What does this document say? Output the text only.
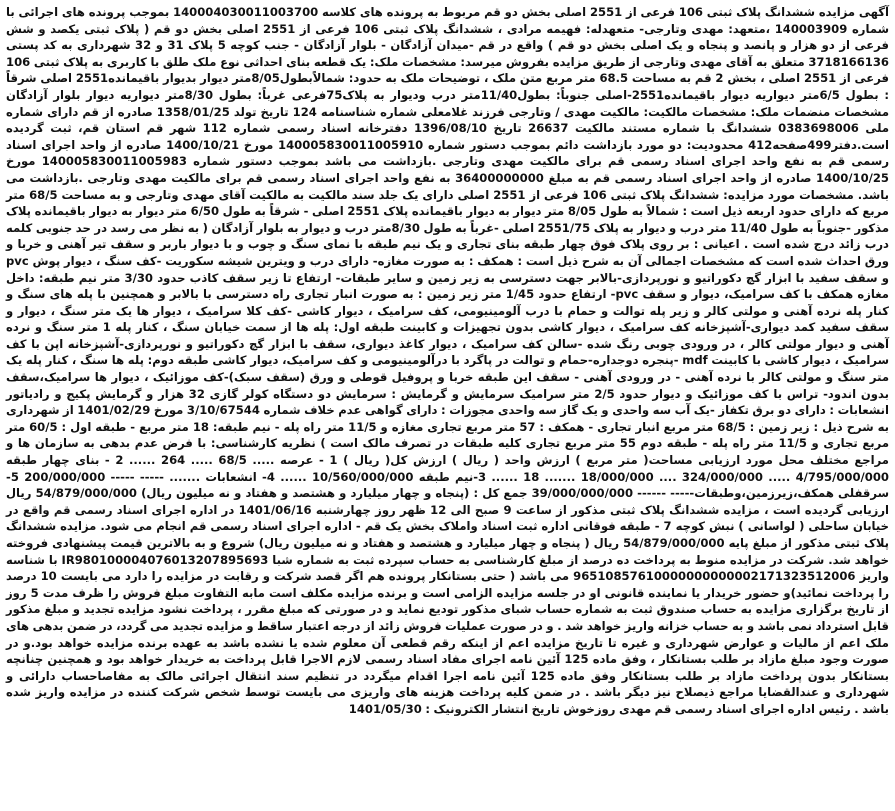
آگهی مزایده ششدانگ پلاک ثبتی 106 فرعی از 2551 اصلی بخش دو قم مربوط به پرونده های کلاسه 140004030011003700 بموجب پرونده های اجرائی با شماره 140003909 ،متعهد: مهدی وتارجی- متعهدله: فهیمه مرادی ، ششدانگ پلاک ثبتی 106 فرعی از 2551 اصلی بخش دو قم ( پلاک ثبتی یکصد و شش فرعی از دو هزار و پانصد و پنجاه و یک اصلی بخش دو قم ) واقع در قم -میدان آزادگان - بلوار آزادگان - جنب کوچه 5 پلاک 31 و 32 شهرداری به کد پستی 3718166136 متعلق به آقای مهدی وتارجی از طریق مزایده بفروش میرسد: مشخصات ملک: یک قطعه بنای احداثی نوع ملک طلق با کاربری به پلاک ثبتی 106 فرعی از 2551 اصلی ، بخش 2 قم به مساحت 68.5 متر مربع متن ملک ، توضیحات ملک به حدود: شمالاًبطول8/05متر دیوار بدیوار باقیمانده2551 اصلی شرقاً : بطول 6/5متر دیواریه دیوار باقیمانده2551-اصلی جنوباً: بطول11/40متر درب ودیوار به پلاک75فرعی غرباً: بطول 8/30متر دیواریه دیوار بلوار آزادگان مشخصات منضمات ملک: مشخصات مالکیت: مالکیت مهدی / وتارجی فرزند غلامعلی شماره شناسنامه 124 تاریخ تولد 1358/01/25 صادره از قم دارای شماره ملی 0383698006 ششدانگ با شماره مستند مالکیت 26637 تاریخ 1396/08/10 دفترخانه اسناد رسمی شماره 112 شهر قم استان قم، ثبت گردیده است.دفتر499صفحه412 محدودیت: دو مورد بازداشت دائم بموجب دستور شماره 140005830011005910 مورخ 1400/10/21 صادره از واحد اجرای اسناد رسمی قم به نفع واحد اجرای اسناد رسمی قم برای مالکیت مهدی وتارجی .بازداشت می باشد بموجب دستور شماره 140005830011005983 مورخ 1400/10/25 صادره از واحد اجرای اسناد رسمی قم به مبلغ 36400000000 به نفع واحد اجرای اسناد رسمی قم برای مالکیت مهدی وتارجی .بازداشت می باشد. مشخصات مورد مزایده: ششدانگ پلاک ثبتی 106 فرعی از 2551 اصلی دارای یک جلد سند مالکیت به مالکیت آقای مهدی وتارجی و به مساحت 68/5 متر مربع که دارای حدود اربعه ذیل است : شمالاً به طول 8/05 متر دیوار به دیوار باقیمانده پلاک 2551 اصلی - شرقاً به طول 6/50 متر دیوار به دیوار باقیمانده پلاک مذکور -جنوباً به طول 11/40 متر درب و دیوار به پلاک 2551/75 اصلی -غرباً به طول 8/30متر درب و دیوار به بلوار آزادگان ( به نظر می رسد در حد جنوبی کلمه درب زائد درج شده است . اعیانی : بر روی پلاک فوق چهار طبقه بنای تجاری و یک نیم طبقه با نمای سنگ و چوب و با دیوار باربر و سقف تیر آهنی و خربا و ورق احداث شده است که مشخصات اجمالی آن به شرح ذیل است : همکف : به صورت مغازه- دارای درب و ویترین شیشه سکوریت -کف سنگ ، دیوار پوش pvc و سقف سفید با ابزار گچ دکوراتیو و نورپردازی-بالابر جهت دسترسی به زیر زمین و سایر طبقات- ارتفاع تا زیر سقف کاذب حدود 3/30 متر نیم طبقه: داخل مغازه همکف با کف سرامیک، دیوار و سقف pvc- ارتفاع حدود 1/45 متر زیر زمین : به صورت انبار تجاری راه دسترسی با بالابر و همچنین با پله های سنگ و کنار پله نرده آهنی و مولتی کالر و زیر پله توالت و حمام با درب آلومینیومی، کف سرامیک ، دیوار کاشی -کف کلا سرامیک ، دیوار ها یک متر سنگ ، دیوار و سقف سفید کمد دیواری-آشپزخانه کف سرامیک ، دیوار کاشی بدون تجهیزات و کابینت طبقه اول: پله ها از سمت خیابان سنگ ، کنار پله 1 متر سنگ و نرده آهنی و دیوار مولتی کالر ، در ورودی چوبی رنگ شده -سالن کف سرامیک ، دیوار کاغذ دیواری، سقف با ابزار گچ دکوراتیو و نورپردازی-آشپزخانه اپن با کف سرامیک ، دیوار کاشی با کابینت mdf -پنجره دوجداره-حمام و توالت در پاگرد با درآلومینیومی و کف سرامیک، دیوار کاشی طبقه دوم: پله ها سنگ ، کنار پله یک متر سنگ و مولتی کالر با نرده آهنی - در ورودی آهنی - سقف این طبقه خربا و پروفیل قوطی و ورق (سقف سبک)-کف موزائیک ، دیوار ها سرامیک،سقف بدون اندود- تراس با کف موزائیک و دیوار حدود 2/5 متر سرامیک سرمایش و گرمایش : سرمایش دو دستگاه کولر گازی 32 هزار و گرمایش پکیج و رادیاتور انشعابات : دارای دو برق تکفاز -یک آب سه واحدی و یک گاز سه واحدی مجوزات : دارای گواهی عدم خلاف شماره 3/10/67544 مورخ 1401/02/29 از شهرداری به شرح ذیل : زیر زمین : 68/5 متر مربع انبار تجاری - همکف : 57 متر مربع تجاری مغازه و 11/5 متر راه پله - نیم طبقه: 18 متر مربع - طبقه اول : 60/5 متر مربع تجاری و 11/5 متر راه پله - طبقه دوم 55 متر مربع تجاری کلیه طبقات در تصرف مالک است ) نظریه کارشناسی: با فرض عدم بدهی به سازمان ها و مراجع مختلف محل مورد ارزیابی مساحت( متر مربع ) ارزش واحد ( ریال ) ارزش کل( ریال ) 1 - عرصه ..... 68/5 ..... 264 ...... 2 - بنای چهار طبقه 4/795/000/000 ..... 324/000/000 .... 18/000/000 ....... 18 ...... 3-نیم طبقه 10/560/000/000 ...... 4- انشعابات ....... ----- ----- 200/000/000 5-سرقفلی همکف،زیرزمین،وطبقات----- ------ 39/000/000/000 جمع کل : (پنجاه و چهار میلیارد و هشتصد و هفتاد و نه میلیون ریال) 54/879/000/000 ریال ارزیابی گردیده است ، مزایده ششدانگ پلاک ثبتی مذکور از ساعت 9 صبح الی 12 ظهر روز چهارشنبه 1401/06/16 در اداره اجرای اسناد رسمی قم واقع در خیابان ساحلی ( لواسانی ) نبش کوچه 7 - طبقه فوقانی اداره ثبت اسناد واملاک بخش یک قم - اداره اجرای اسناد رسمی قم انجام می شود. مزایده ششدانگ پلاک ثبتی مذکور از مبلغ پایه 54/879/000/000 ریال ( پنجاه و چهار میلیارد و هشتصد و هفتاد و نه میلیون ریال) شروع و به بالاترین قیمت پیشنهادی فروخته خواهد شد. شرکت در مزایده منوط به پرداخت ده درصد از مبلغ کارشناسی به حساب سپرده ثبت به شماره شبا IR980100004076013207895693 با شناسه واریز 96510857610000000000002171323512006 می باشد ( حتی بستانکار پرونده هم اگر قصد شرکت و رقابت در مزایده را دارد می بایست 10 درصد را پرداخت نمائید)و حضور خریدار یا نماینده قانونی او در جلسه مزایده الزامی است و برنده مزایده مکلف است مابه التفاوت مبلغ فروش را ظرف مدت 5 روز از تاریخ برگزاری مزایده به حساب صندوق ثبت به شماره حساب شبای مذکور تودیع نماید و در صورتی که مبلغ مقرر ، پرداخت نشود مزایده تجدید و مبلغ مذکور قابل استرداد نمی باشد و به حساب خزانه واریز خواهد شد . و در صورت عملیات فروش زائد از درجه اعتبار ساقط و مزایده تجدید می گردد، در ضمن بدهی های ملک اعم از مالیات و عوارض شهرداری و غیره تا تاریخ مزایده اعم از اینکه رقم قطعی آن معلوم شده یا نشده باشد به عهده برنده مزایده خواهد بود.و در صورت وجود مبلغ مازاد بر طلب بستانکار ، وفق ماده 125 آئین نامه اجرای مفاد اسناد رسمی لازم الاجرا قابل پرداخت به خریدار خواهد بود و همچنین چنانچه بستانکار بدون پرداخت مازاد بر طلب بستانکار وفق ماده 125 آئین نامه اجرا اقدام میگردد در تنظیم سند انتقال اجرائی مالک به مفاصاحساب دارائی و شهرداری و عندالقضایا مراجع ذیصلاح نیز دیگر باشد . در ضمن کلیه پرداخت هزینه های واریزی می بایست توسط شخص شرکت کننده در مزایده واریز شده باشد . رئیس اداره اجرای اسناد رسمی قم مهدی روزخوش تاریخ انتشار الکترونیک : 1401/05/30
